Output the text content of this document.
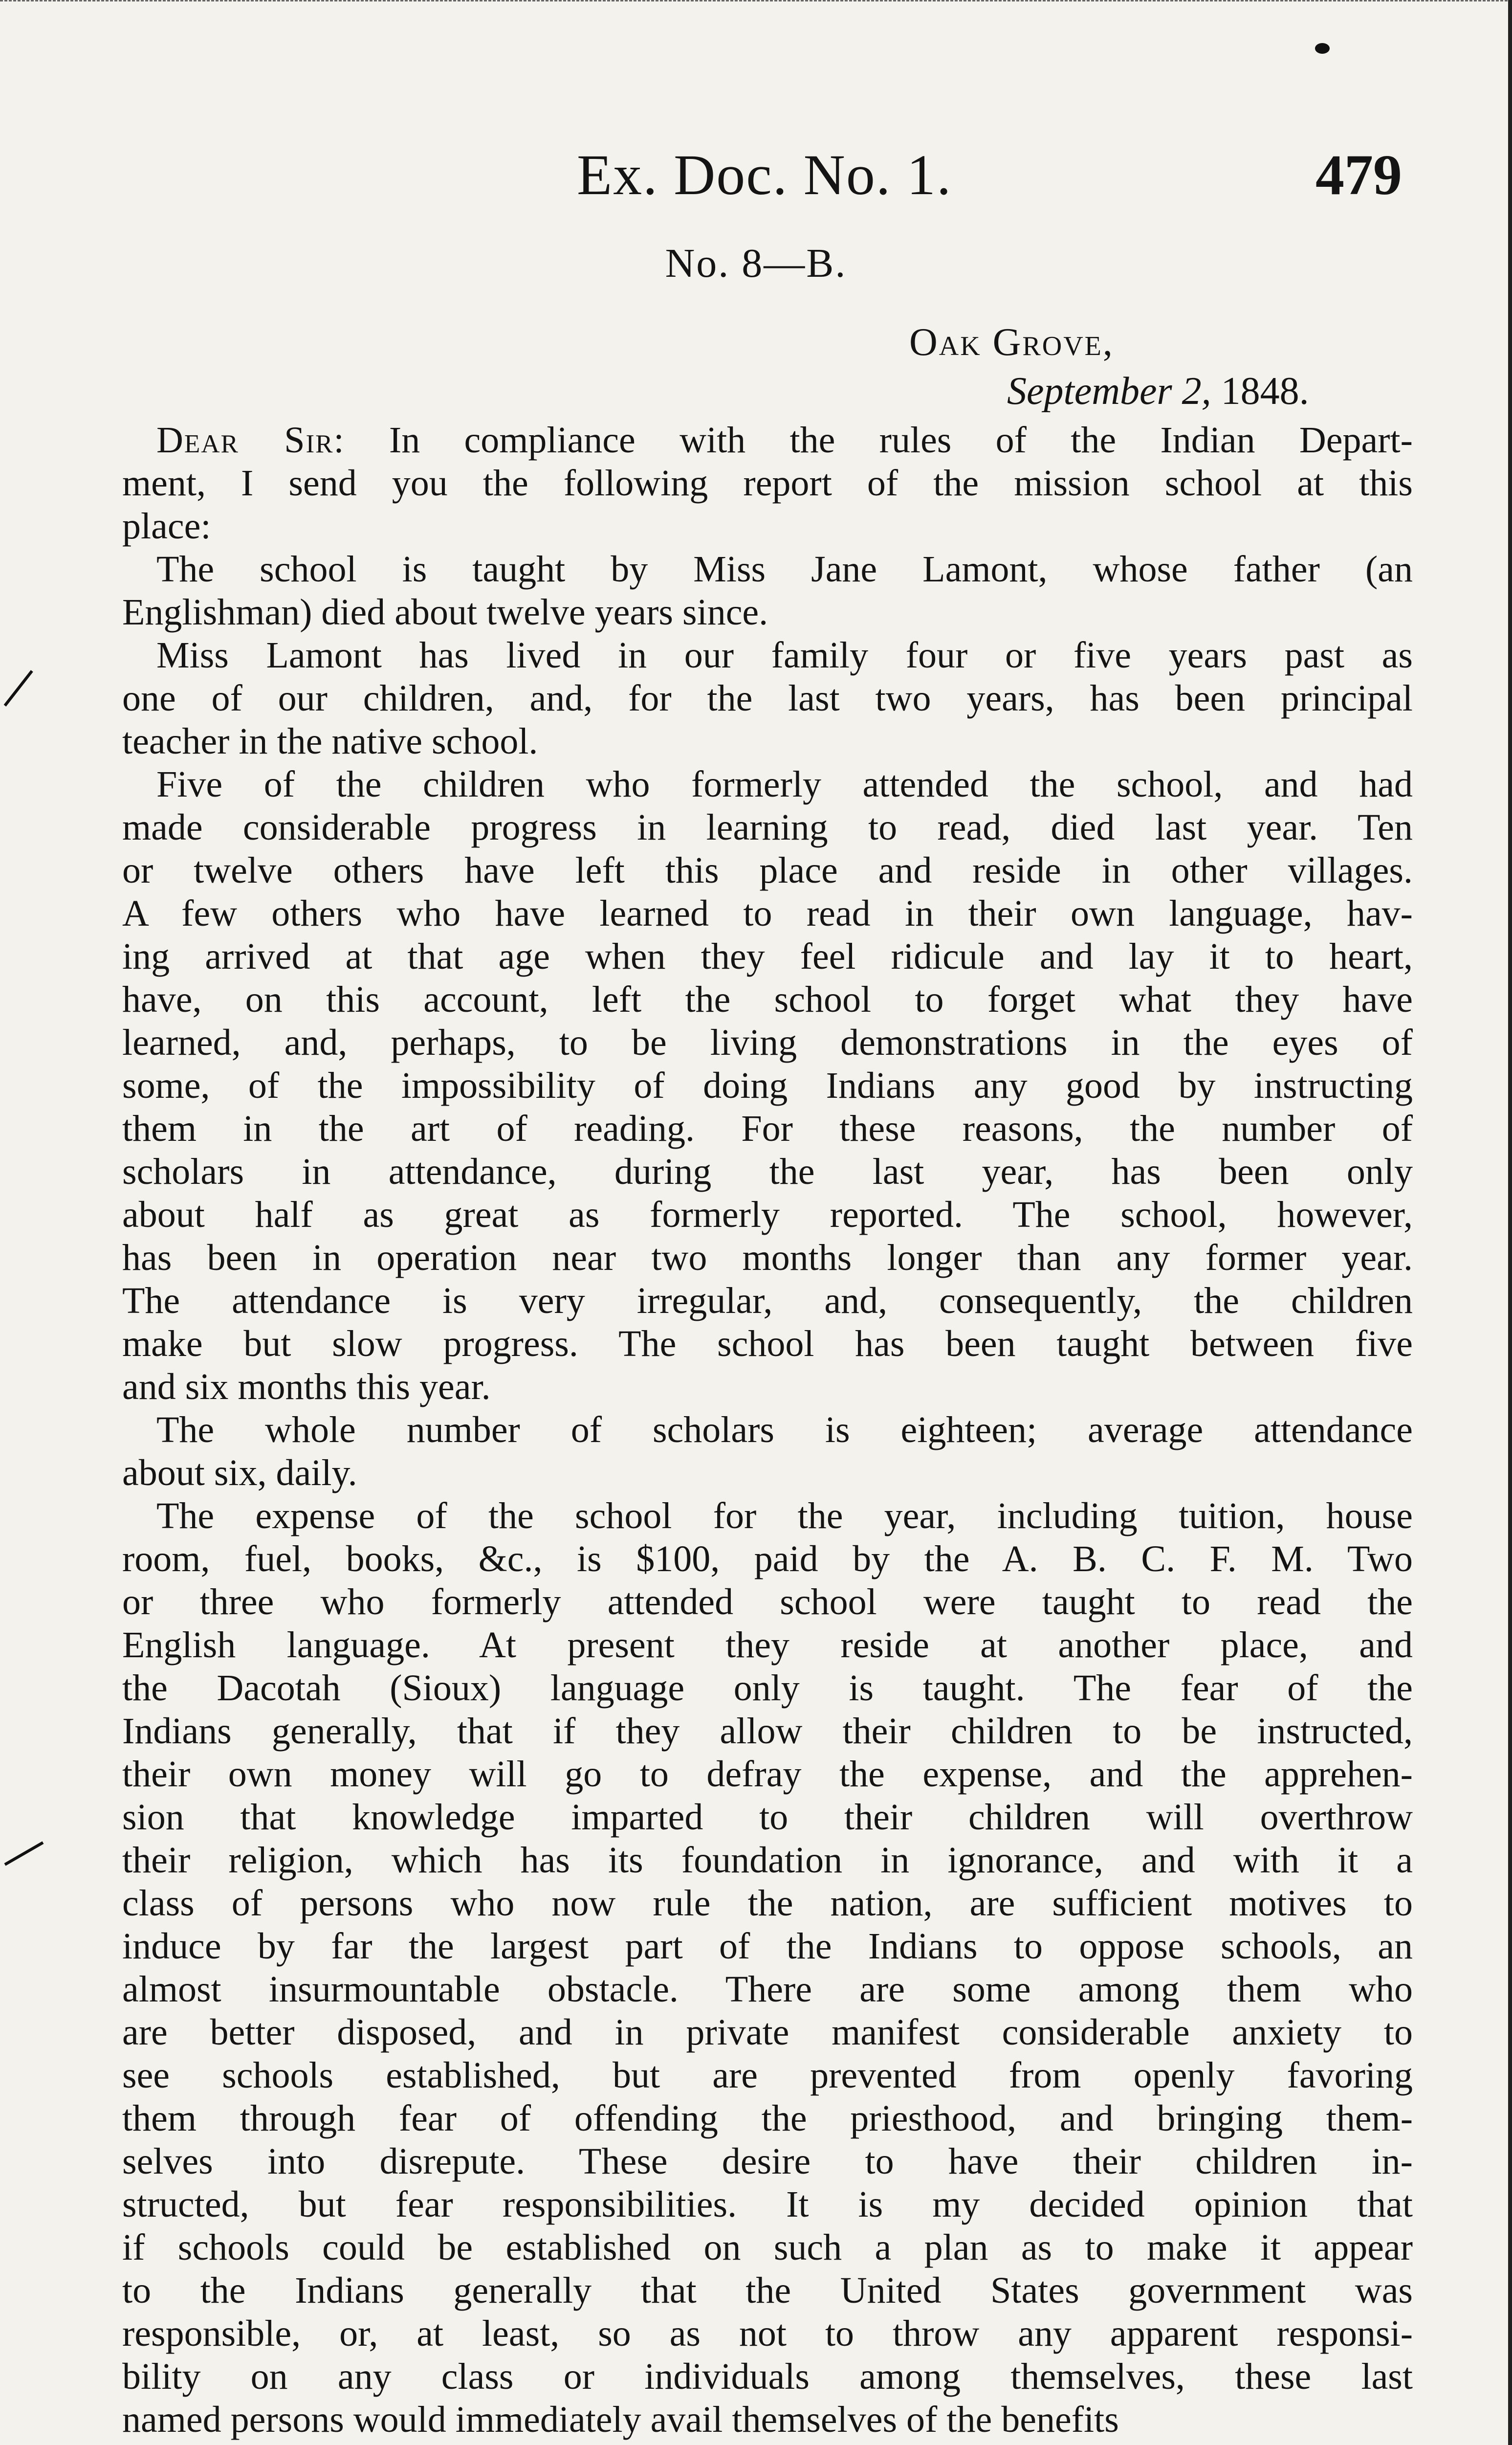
Ex. Doc. No. 1.	479
No. 8—B.
Oak Grove,
September 2, 1848.
Dear Sir: In compliance with the rules of the Indian Depart-
ment, I send you the following report of the mission school at this
place:
The school is taught by Miss Jane Lamont, whose father (an
Englishman) died about twelve years since.
Miss Lamont has lived in our family four or five years past as
one of our children, and, for the last two years, has been principal
teacher in the native school.
Five of the children who formerly attended the school, and had
made considerable progress in learning to read, died last year. Ten
or twelve others have left this place and reside in other villages.
A few others who have learned to read in their own language, hav-
ing arrived at that age when they feel ridicule and lay it to heart,
have, on this account, left the school to forget what they have
learned, and, perhaps, to be living demonstrations in the eyes of
some, of the impossibility of doing Indians any good by instructing
them in the art of reading. For these reasons, the number of
scholars in attendance, during the last year, has been only
about half as great as formerly reported. The school, however,
has been in operation near two months longer than any former year.
The attendance is very irregular, and, consequently, the children
make but slow progress. The school has been taught between five
and six months this year.
The whole number of scholars is eighteen; average attendance
about six, daily.
The expense of the school for the year, including tuition, house
room, fuel, books, &c., is $100, paid by the A. B. C. F. M. Two
or three who formerly attended school were taught to read the
English language. At present they reside at another place, and
the Dacotah (Sioux) language only is taught. The fear of the
Indians generally, that if they allow their children to be instructed,
their own money will go to defray the expense, and the apprehen-
sion that knowledge imparted to their children will overthrow
their religion, which has its foundation in ignorance, and with it a
class of persons who now rule the nation, are sufficient motives to
induce by far the largest part of the Indians to oppose schools, an
almost insurmountable obstacle. There are some among them who
are better disposed, and in private manifest considerable anxiety to
see schools established, but are prevented from openly favoring
them through fear of offending the priesthood, and bringing them-
selves into disrepute. These desire to have their children in-
structed, but fear responsibilities. It is my decided opinion that
if schools could be established on such a plan as to make it appear
to the Indians generally that the United States government was
responsible, or, at least, so as not to throw any apparent responsi-
bility on any class or individuals among themselves, these last
named persons would immediately avail themselves of the benefits
